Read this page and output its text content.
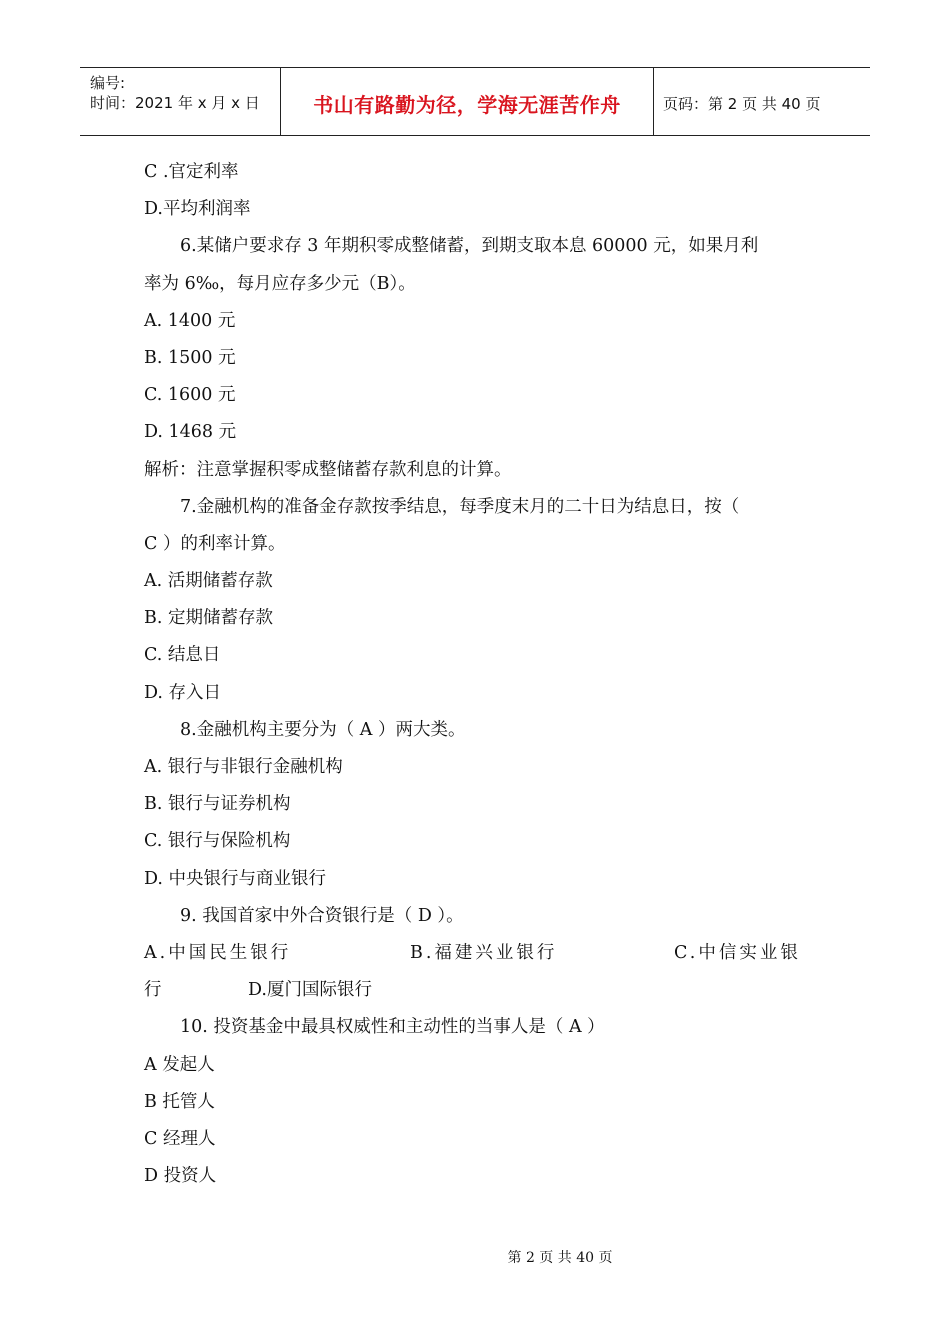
编号:
时间：2021 年 x 月 x 日	书山有路勤为径，学海无涯苦作舟	页码：第 2 页 共 40 页
C .官定利率
D.平均利润率
6.某储户要求存 3 年期积零成整储蓄，到期支取本息 60000 元，如果月利
率为 6‰，每月应存多少元（B）。
A. 1400 元
B. 1500 元
C. 1600 元
D. 1468 元
解析：注意掌握积零成整储蓄存款利息的计算。
7.金融机构的准备金存款按季结息，每季度末月的二十日为结息日，按（
C ）的利率计算。
A. 活期储蓄存款
B. 定期储蓄存款
C. 结息日
D. 存入日
8.金融机构主要分为（ A ）两大类。
A. 银行与非银行金融机构
B. 银行与证券机构
C. 银行与保险机构
D. 中央银行与商业银行
9. 我国首家中外合资银行是（ D ）。
A.中国民生银行	B.福建兴业银行	C.中信实业银
行	D.厦门国际银行
10. 投资基金中最具权威性和主动性的当事人是（ A ）
A 发起人
B 托管人
C 经理人
D 投资人
第 2 页 共 40 页
